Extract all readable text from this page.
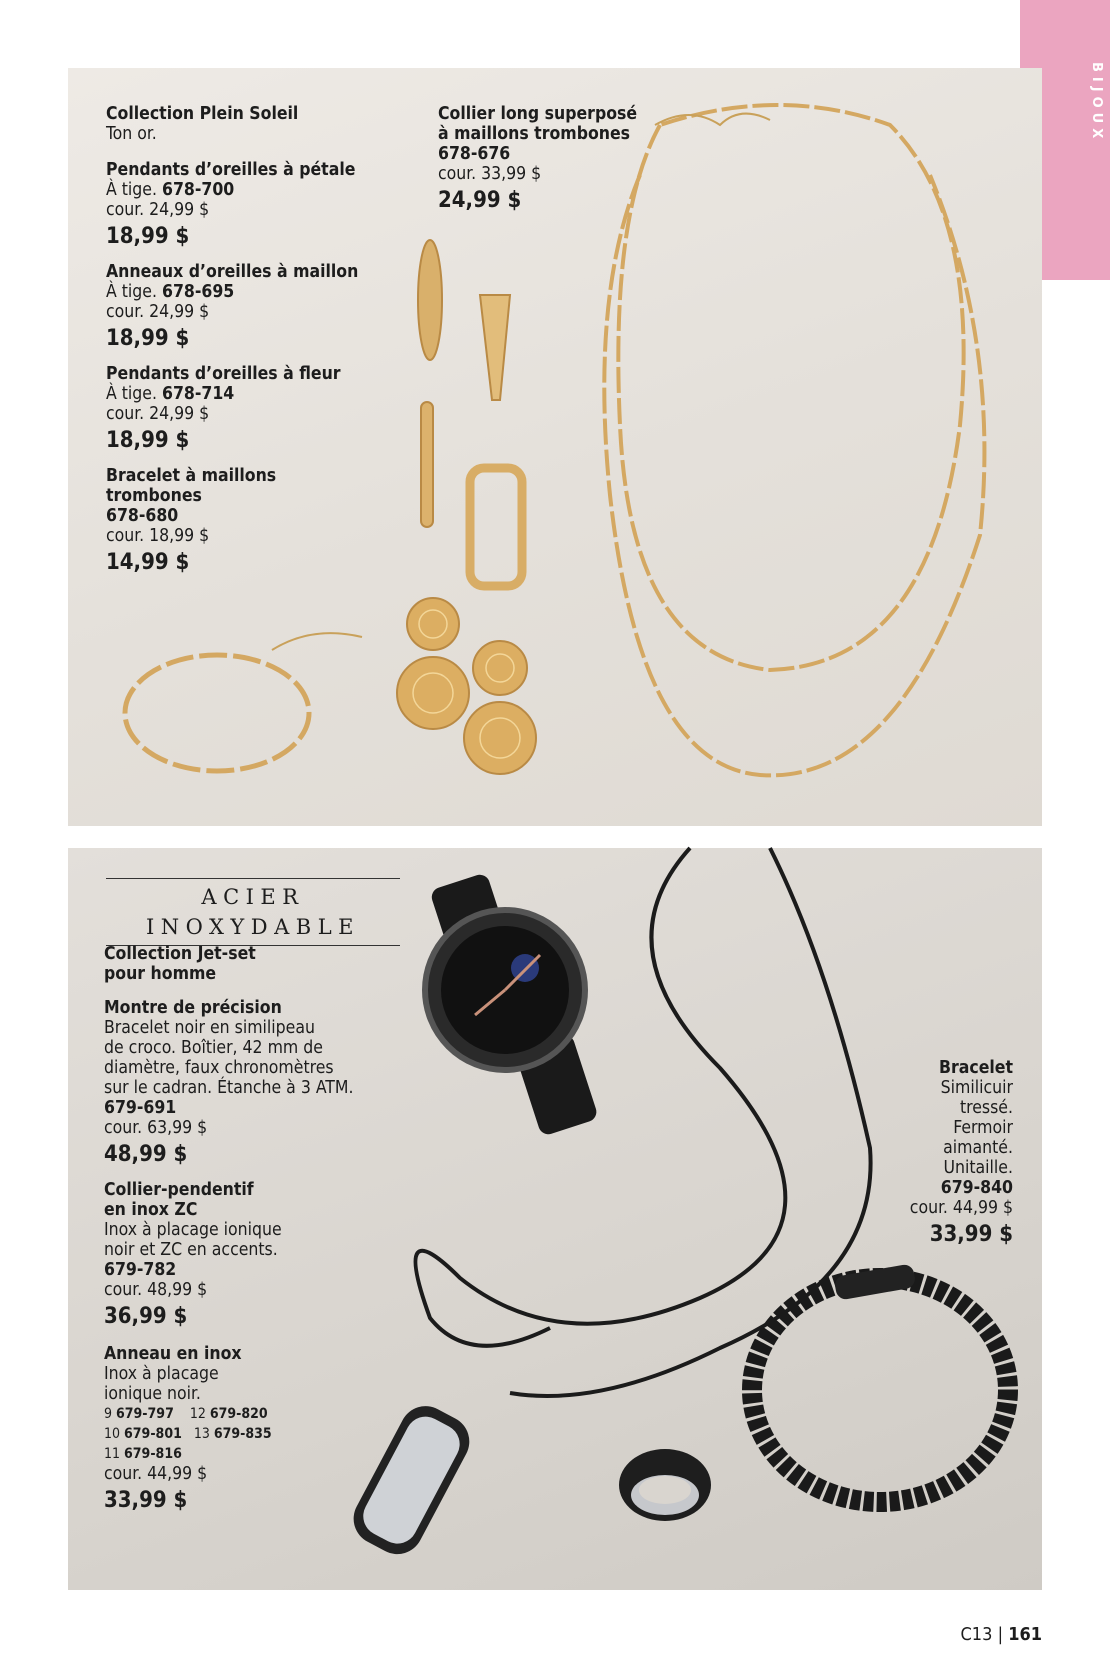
BIJOUX
Collection Plein Soleil
Ton or.
Pendants d’oreilles à pétale
À tige. 678-700
cour. 24,99 $
18,99 $
Anneaux d’oreilles à maillon
À tige. 678-695
cour. 24,99 $
18,99 $
Pendants d’oreilles à fleur
À tige. 678-714
cour. 24,99 $
18,99 $
Bracelet à maillons
trombones
678-680
cour. 18,99 $
14,99 $
Collier long superposé
à maillons trombones
678-676
cour. 33,99 $
24,99 $
ACIER INOXYDABLE
Collection Jet-set
pour homme
Montre de précision
Bracelet noir en similipeau
de croco. Boîtier, 42 mm de
diamètre, faux chronomètres
sur le cadran. Étanche à 3 ATM.
679-691
cour. 63,99 $
48,99 $
Collier-pendentif
en inox ZC
Inox à placage ionique
noir et ZC en accents.
679-782
cour. 48,99 $
36,99 $
Anneau en inox
Inox à placage
ionique noir.
9 679-797 12 679-820
10 679-801 13 679-835
11 679-816
cour. 44,99 $
33,99 $
Bracelet
Similicuir
tressé.
Fermoir
aimanté.
Unitaille.
679-840
cour. 44,99 $
33,99 $
C13 | 161
